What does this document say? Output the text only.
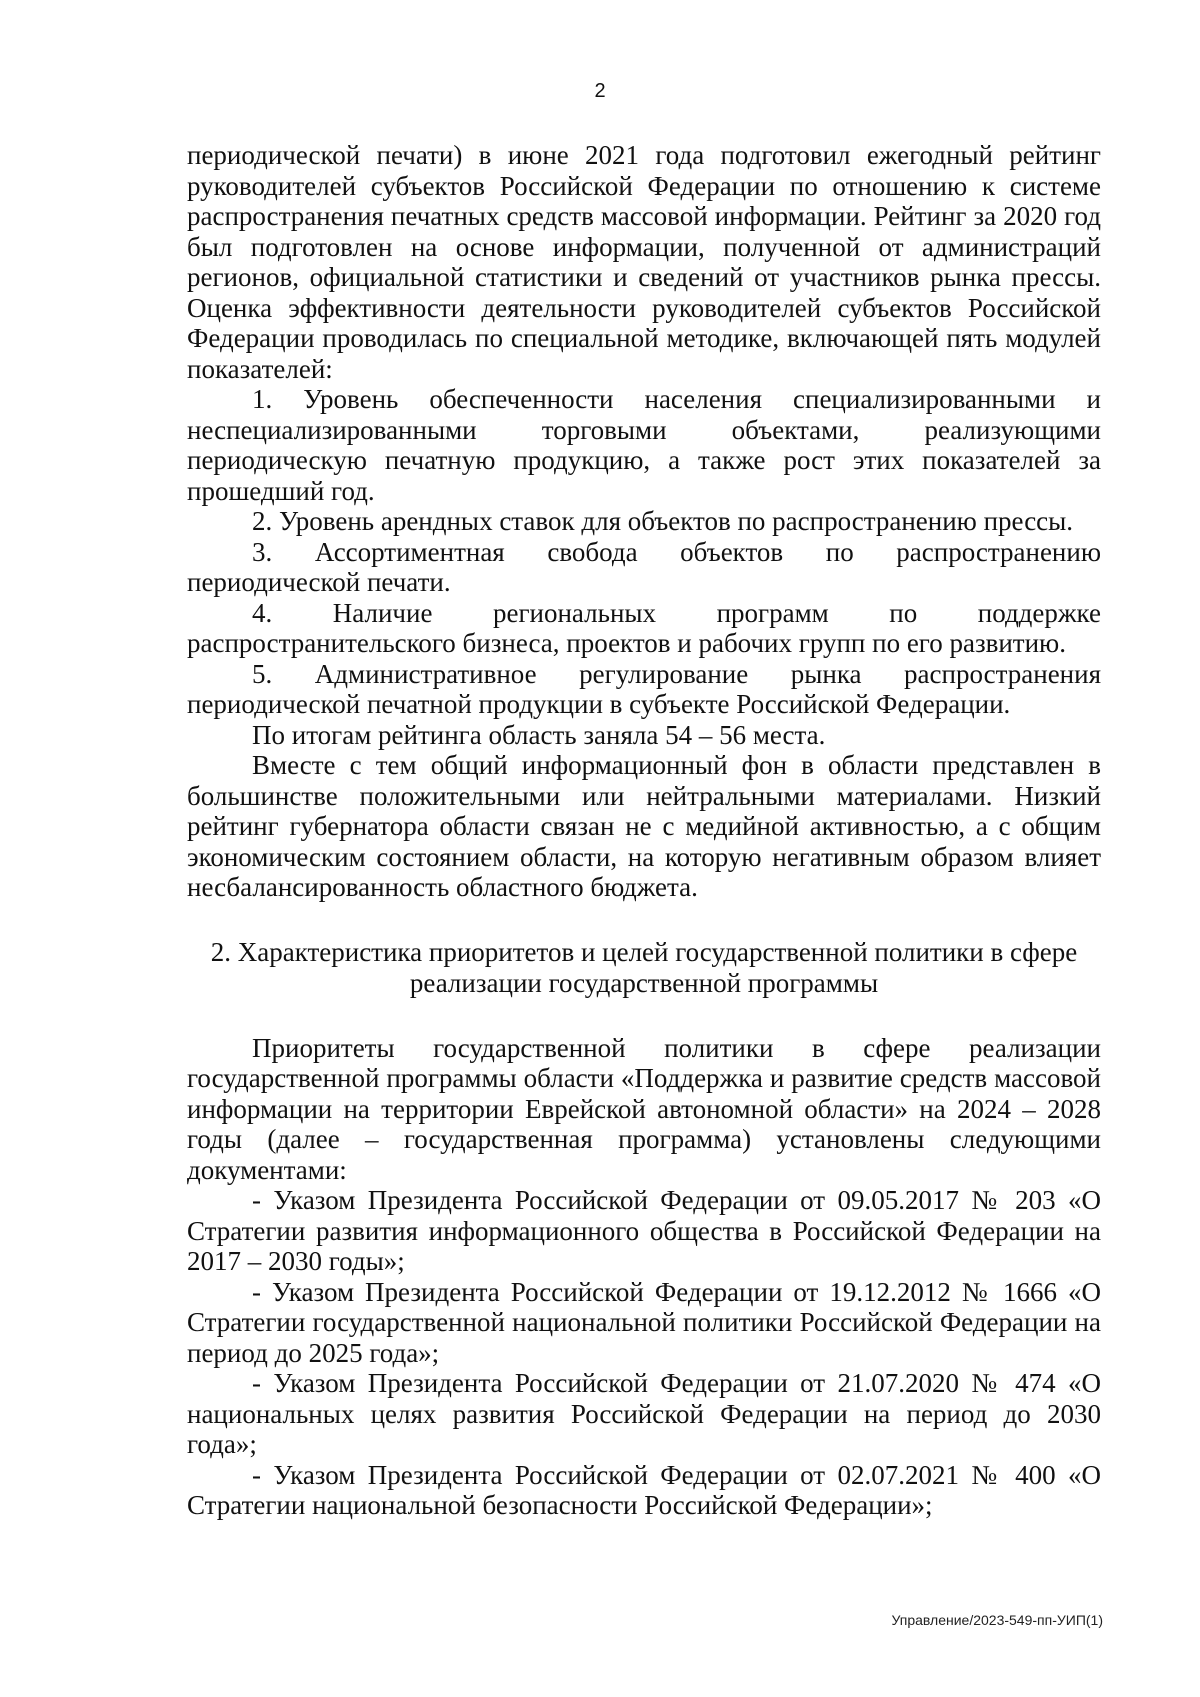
2

периодической печати) в июне 2021 года подготовил ежегодный рейтинг руководителей субъектов Российской Федерации по отношению к системе распространения печатных средств массовой информации. Рейтинг за 2020 год был подготовлен на основе информации, полученной от администраций регионов, официальной статистики и сведений от участников рынка прессы. Оценка эффективности деятельности руководителей субъектов Российской Федерации проводилась по специальной методике, включающей пять модулей показателей:

1. Уровень обеспеченности населения специализированными и неспециализированными торговыми объектами, реализующими периодическую печатную продукцию, а также рост этих показателей за прошедший год.

2. Уровень арендных ставок для объектов по распространению прессы.

3. Ассортиментная свобода объектов по распространению периодической печати.

4. Наличие региональных программ по поддержке распространительского бизнеса, проектов и рабочих групп по его развитию.

5. Административное регулирование рынка распространения периодической печатной продукции в субъекте Российской Федерации.

По итогам рейтинга область заняла 54 – 56 места.

Вместе с тем общий информационный фон в области представлен в большинстве положительными или нейтральными материалами. Низкий рейтинг губернатора области связан не с медийной активностью, а с общим экономическим состоянием области, на которую негативным образом влияет несбалансированность областного бюджета.

2. Характеристика приоритетов и целей государственной политики в сфере
реализации государственной программы

Приоритеты государственной политики в сфере реализации государственной программы области «Поддержка и развитие средств массовой информации на территории Еврейской автономной области» на 2024 – 2028 годы (далее – государственная программа) установлены следующими документами:

- Указом Президента Российской Федерации от 09.05.2017 № 203 «О Стратегии развития информационного общества в Российской Федерации на 2017 – 2030 годы»;

- Указом Президента Российской Федерации от 19.12.2012 № 1666 «О Стратегии государственной национальной политики Российской Федерации на период до 2025 года»;

- Указом Президента Российской Федерации от 21.07.2020 № 474 «О национальных целях развития Российской Федерации на период до 2030 года»;

- Указом Президента Российской Федерации от 02.07.2021 № 400 «О Стратегии национальной безопасности Российской Федерации»;

Управление/2023-549-пп-УИП(1)
